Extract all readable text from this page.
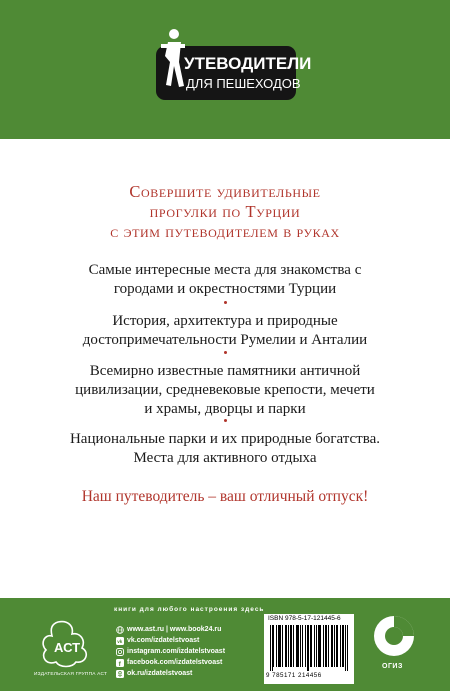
УТЕВОДИТЕЛИ
ДЛЯ ПЕШЕХОДОВ
Совершите удивительные
прогулки по Турции
с этим путеводителем в руках
Самые интересные места для знакомства с
городами и окрестностями Турции
История, архитектура и природные
достопримечательности Румелии и Анталии
Всемирно известные памятники античной
цивилизации, средневековые крепости, мечети
и храмы, дворцы и парки
Национальные парки и их природные богатства.
Места для активного отдыха
Наш путеводитель – ваш отличный отпуск!
книги для любого настроения здесь
АСТ
ИЗДАТЕЛЬСКАЯ ГРУППА АСТ
www.ast.ru | www.book24.ru
vk vk.com/izdatelstvoast
instagram.com/izdatelstvoast
f facebook.com/izdatelstvoast
ok.ru/izdatelstvoast
ISBN 978-5-17-121445-6
9 785171 214456
ОГИЗ
